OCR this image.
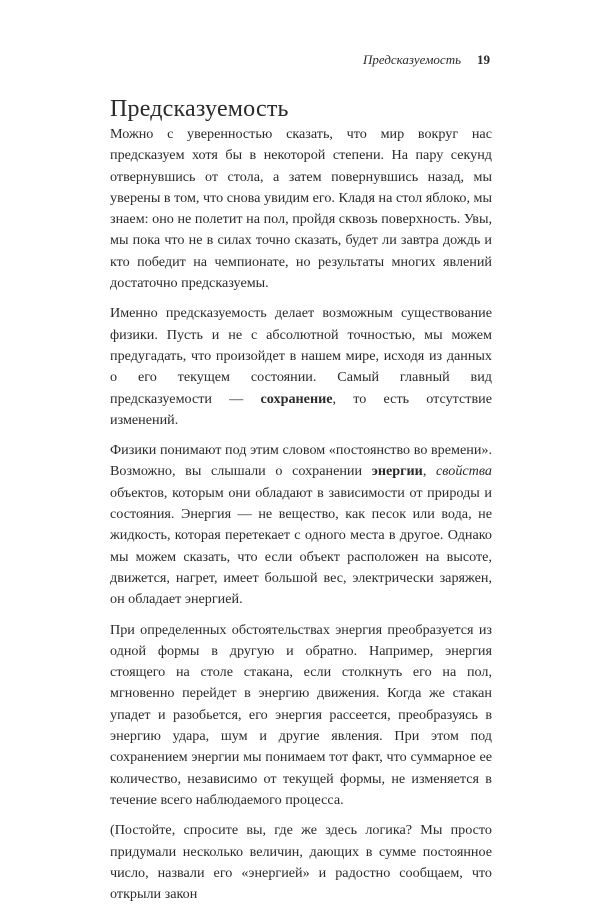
Предсказуемость 19
Предсказуемость

Можно с уверенностью сказать, что мир вокруг нас предсказуем хотя бы в некоторой степени. На пару секунд отвернувшись от стола, а затем повернувшись назад, мы уверены в том, что снова увидим его. Кладя на стол яблоко, мы знаем: оно не полетит на пол, пройдя сквозь поверхность. Увы, мы пока что не в силах точно сказать, будет ли завтра дождь и кто победит на чемпионате, но результаты многих явлений достаточно предсказуемы.

Именно предсказуемость делает возможным существование физики. Пусть и не с абсолютной точностью, мы можем предугадать, что произойдет в нашем мире, исходя из данных о его текущем состоянии. Самый главный вид предсказуемости — сохранение, то есть отсутствие изменений.

Физики понимают под этим словом «постоянство во времени». Возможно, вы слышали о сохранении энергии, свойства объектов, которым они обладают в зависимости от природы и состояния. Энергия — не вещество, как песок или вода, не жидкость, которая перетекает с одного места в другое. Однако мы можем сказать, что если объект расположен на высоте, движется, нагрет, имеет большой вес, электрически заряжен, он обладает энергией.

При определенных обстоятельствах энергия преобразуется из одной формы в другую и обратно. Например, энергия стоящего на столе стакана, если столкнуть его на пол, мгновенно перейдет в энергию движения. Когда же стакан упадет и разобьется, его энергия рассеется, преобразуясь в энергию удара, шум и другие явления. При этом под сохранением энергии мы понимаем тот факт, что суммарное ее количество, независимо от текущей формы, не изменяется в течение всего наблюдаемого процесса.

(Постойте, спросите вы, где же здесь логика? Мы просто придумали несколько величин, дающих в сумме постоянное число, назвали его «энергией» и радостно сообщаем, что открыли закон
